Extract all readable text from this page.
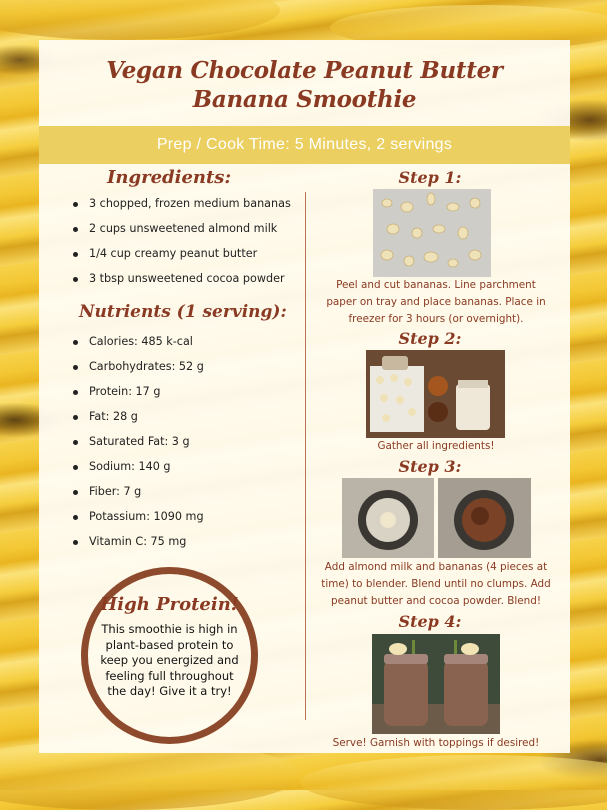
Vegan Chocolate Peanut Butter
Banana Smoothie
Prep / Cook Time: 5 Minutes, 2 servings
Ingredients:
3 chopped, frozen medium bananas
2 cups unsweetened almond milk
1/4 cup creamy peanut butter
3 tbsp unsweetened cocoa powder
Nutrients (1 serving):
Calories: 485 k-cal
Carbohydrates: 52 g
Protein: 17 g
Fat: 28 g
Saturated Fat: 3 g
Sodium: 140 g
Fiber: 7 g
Potassium: 1090 mg
Vitamin C: 75 mg
High Protein!
This smoothie is high in plant-based protein to keep you energized and feeling full throughout the day! Give it a try!
Step 1:
Peel and cut bananas. Line parchment paper on tray and place bananas. Place in freezer for 3 hours (or overnight).
Step 2:
Gather all ingredients!
Step 3:
Add almond milk and bananas (4 pieces at time) to blender. Blend until no clumps. Add peanut butter and cocoa powder. Blend!
Step 4:
Serve! Garnish with toppings if desired!
